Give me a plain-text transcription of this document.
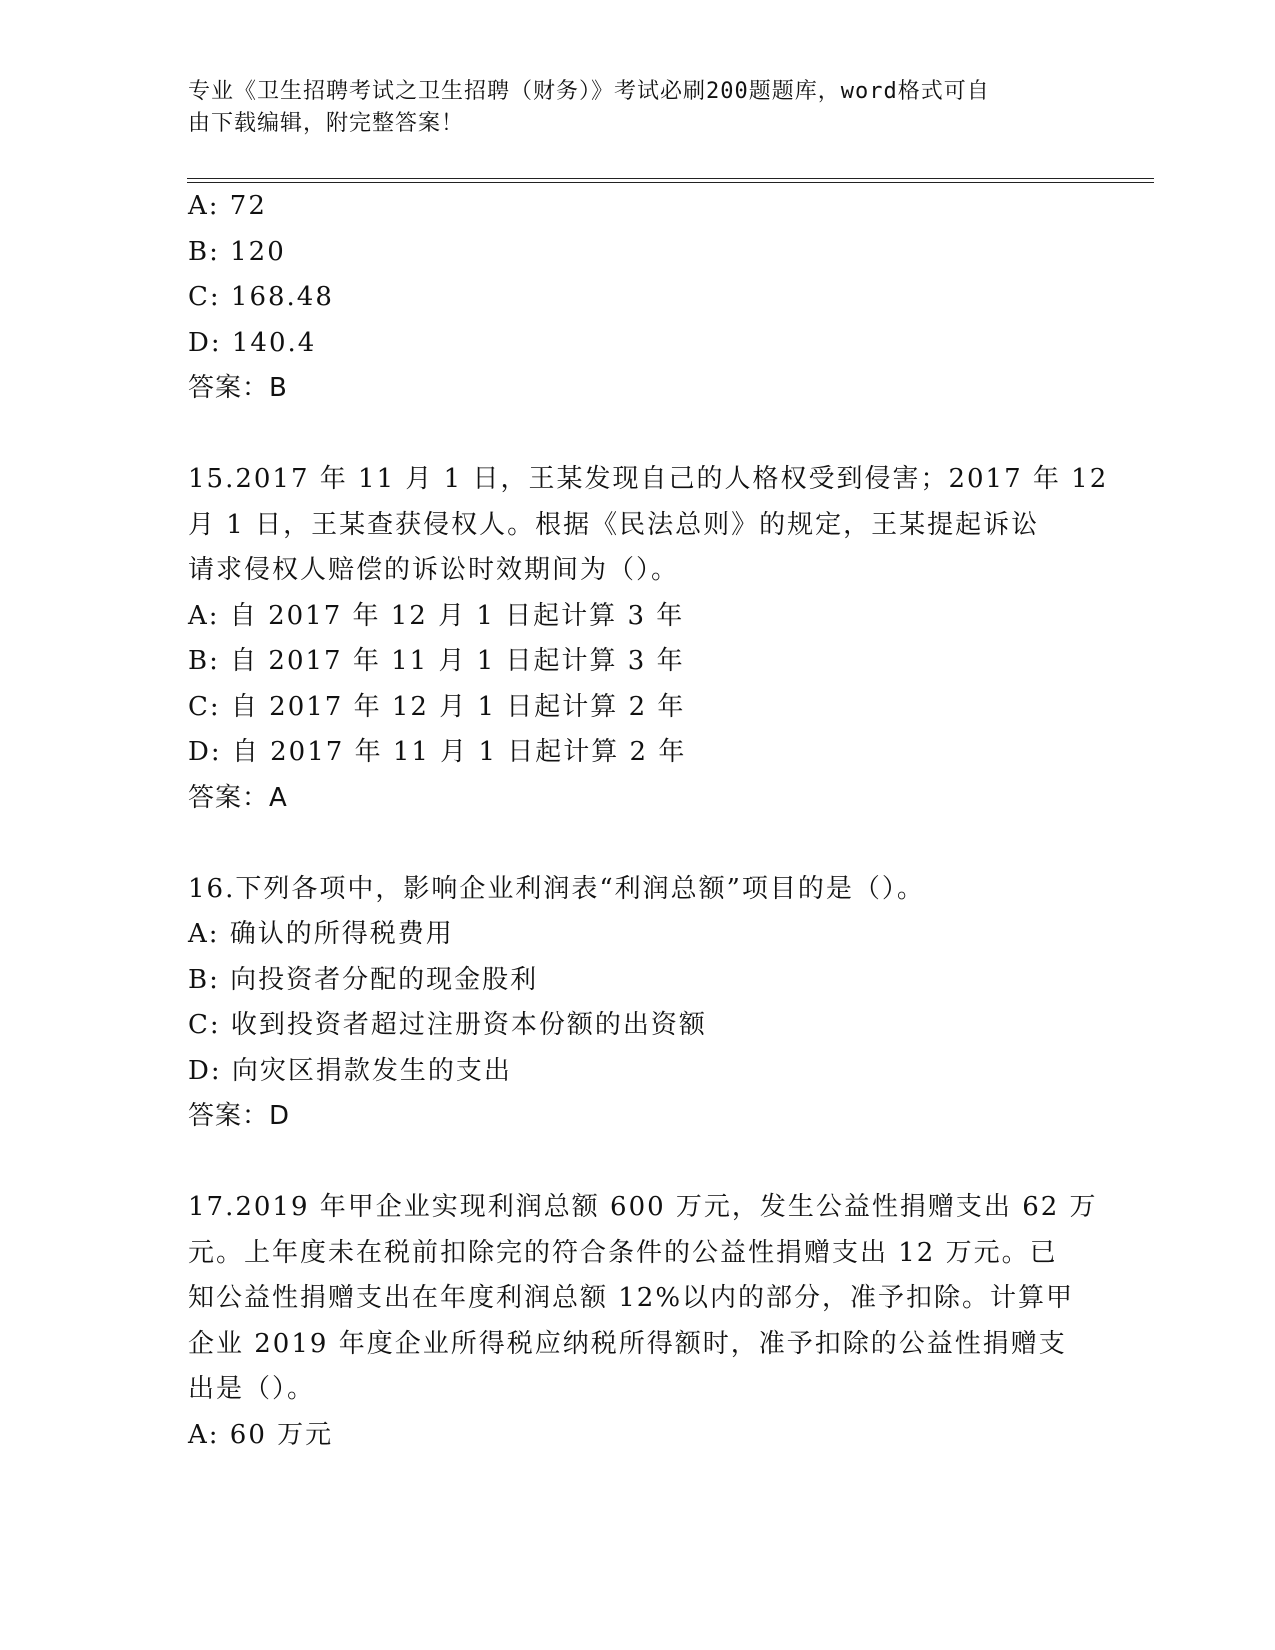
专业《卫生招聘考试之卫生招聘（财务）》考试必刷200题题库，word格式可自

由下载编辑，附完整答案！

A: 72

B: 120

C: 168.48

D: 140.4

答案：B

15.2017 年 11 月 1 日，王某发现自己的人格权受到侵害；2017 年 12

月 1 日，王某查获侵权人。根据《民法总则》的规定，王某提起诉讼

请求侵权人赔偿的诉讼时效期间为（）。

A: 自 2017 年 12 月 1 日起计算 3 年

B: 自 2017 年 11 月 1 日起计算 3 年

C: 自 2017 年 12 月 1 日起计算 2 年

D: 自 2017 年 11 月 1 日起计算 2 年

答案：A

16.下列各项中，影响企业利润表“利润总额”项目的是（）。

A: 确认的所得税费用

B: 向投资者分配的现金股利

C: 收到投资者超过注册资本份额的出资额

D: 向灾区捐款发生的支出

答案：D

17.2019 年甲企业实现利润总额 600 万元，发生公益性捐赠支出 62 万

元。上年度未在税前扣除完的符合条件的公益性捐赠支出 12 万元。已

知公益性捐赠支出在年度利润总额 12%以内的部分，准予扣除。计算甲

企业 2019 年度企业所得税应纳税所得额时，准予扣除的公益性捐赠支

出是（）。

A: 60 万元
